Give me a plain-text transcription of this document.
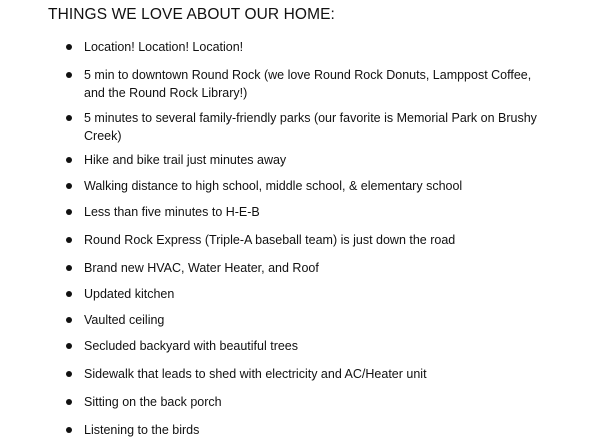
THINGS WE LOVE ABOUT OUR HOME:
Location! Location! Location!
5 min to downtown Round Rock (we love Round Rock Donuts, Lamppost Coffee, and the Round Rock Library!)
5 minutes to several family-friendly parks (our favorite is Memorial Park on Brushy Creek)
Hike and bike trail just minutes away
Walking distance to high school, middle school, & elementary school
Less than five minutes to H-E-B
Round Rock Express (Triple-A baseball team) is just down the road
Brand new HVAC, Water Heater, and Roof
Updated kitchen
Vaulted ceiling
Secluded backyard with beautiful trees
Sidewalk that leads to shed with electricity and AC/Heater unit
Sitting on the back porch
Listening to the birds
